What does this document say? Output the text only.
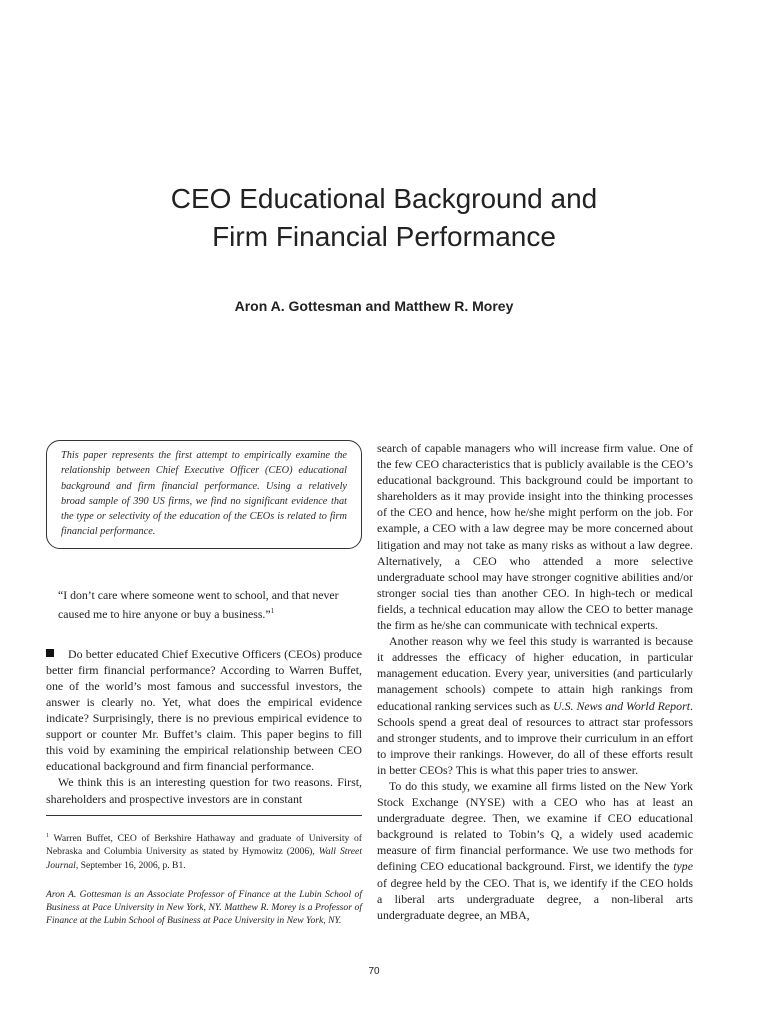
CEO Educational Background and
Firm Financial Performance
Aron A. Gottesman and Matthew R. Morey
This paper represents the first attempt to empirically examine the relationship between Chief Executive Officer (CEO) educational background and firm financial performance. Using a relatively broad sample of 390 US firms, we find no significant evidence that the type or selectivity of the education of the CEOs is related to firm financial performance.
“I don’t care where someone went to school, and that never caused me to hire anyone or buy a business.”$^1$

Do better educated Chief Executive Officers (CEOs) produce better firm financial performance? According to Warren Buffet, one of the world’s most famous and successful investors, the answer is clearly no. Yet, what does the empirical evidence indicate? Surprisingly, there is no previous empirical evidence to support or counter Mr. Buffet’s claim. This paper begins to fill this void by examining the empirical relationship between CEO educational background and firm financial performance.

We think this is an interesting question for two reasons. First, shareholders and prospective investors are in constant

$^1$ Warren Buffet, CEO of Berkshire Hathaway and graduate of University of Nebraska and Columbia University as stated by Hymowitz (2006), Wall Street Journal, September 16, 2006, p. B1.
Aron A. Gottesman is an Associate Professor of Finance at the Lubin School of Business at Pace University in New York, NY. Matthew R. Morey is a Professor of Finance at the Lubin School of Business at Pace University in New York, NY.

search of capable managers who will increase firm value. One of the few CEO characteristics that is publicly available is the CEO’s educational background. This background could be important to shareholders as it may provide insight into the thinking processes of the CEO and hence, how he/she might perform on the job. For example, a CEO with a law degree may be more concerned about litigation and may not take as many risks as without a law degree. Alternatively, a CEO who attended a more selective undergraduate school may have stronger cognitive abilities and/or stronger social ties than another CEO. In high-tech or medical fields, a technical education may allow the CEO to better manage the firm as he/she can communicate with technical experts.

Another reason why we feel this study is warranted is because it addresses the efficacy of higher education, in particular management education. Every year, universities (and particularly management schools) compete to attain high rankings from educational ranking services such as U.S. News and World Report. Schools spend a great deal of resources to attract star professors and stronger students, and to improve their curriculum in an effort to improve their rankings. However, do all of these efforts result in better CEOs? This is what this paper tries to answer.

To do this study, we examine all firms listed on the New York Stock Exchange (NYSE) with a CEO who has at least an undergraduate degree. Then, we examine if CEO educational background is related to Tobin’s Q, a widely used academic measure of firm financial performance. We use two methods for defining CEO educational background. First, we identify the type of degree held by the CEO. That is, we identify if the CEO holds a liberal arts undergraduate degree, a non-liberal arts undergraduate degree, an MBA,

70
